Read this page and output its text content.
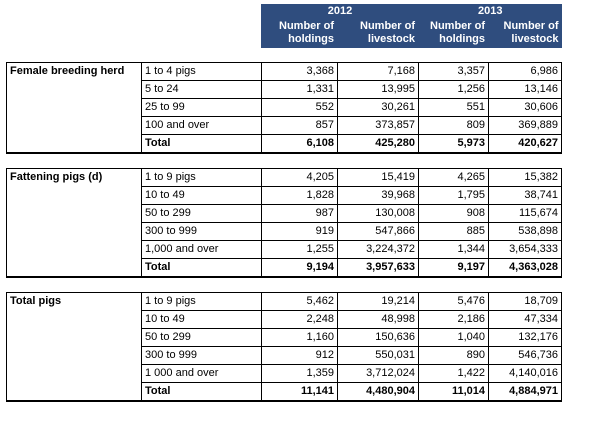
		2012		2013	
		Number of holdings	Number of livestock	Number of holdings	Number of livestock

Female breeding herd	1 to 4 pigs	3,368	7,168	3,357	6,986
	5 to 24	1,331	13,995	1,256	13,146
	25 to 99	552	30,261	551	30,606
	100 and over	857	373,857	809	369,889
	Total	6,108	425,280	5,973	420,627

Fattening pigs (d)	1 to 9 pigs	4,205	15,419	4,265	15,382
	10 to 49	1,828	39,968	1,795	38,741
	50 to 299	987	130,008	908	115,674
	300 to 999	919	547,866	885	538,898
	1,000 and over	1,255	3,224,372	1,344	3,654,333
	Total	9,194	3,957,633	9,197	4,363,028

Total pigs	1 to 9 pigs	5,462	19,214	5,476	18,709
	10 to 49	2,248	48,998	2,186	47,334
	50 to 299	1,160	150,636	1,040	132,176
	300 to 999	912	550,031	890	546,736
	1 000 and over	1,359	3,712,024	1,422	4,140,016
	Total	11,141	4,480,904	11,014	4,884,971
